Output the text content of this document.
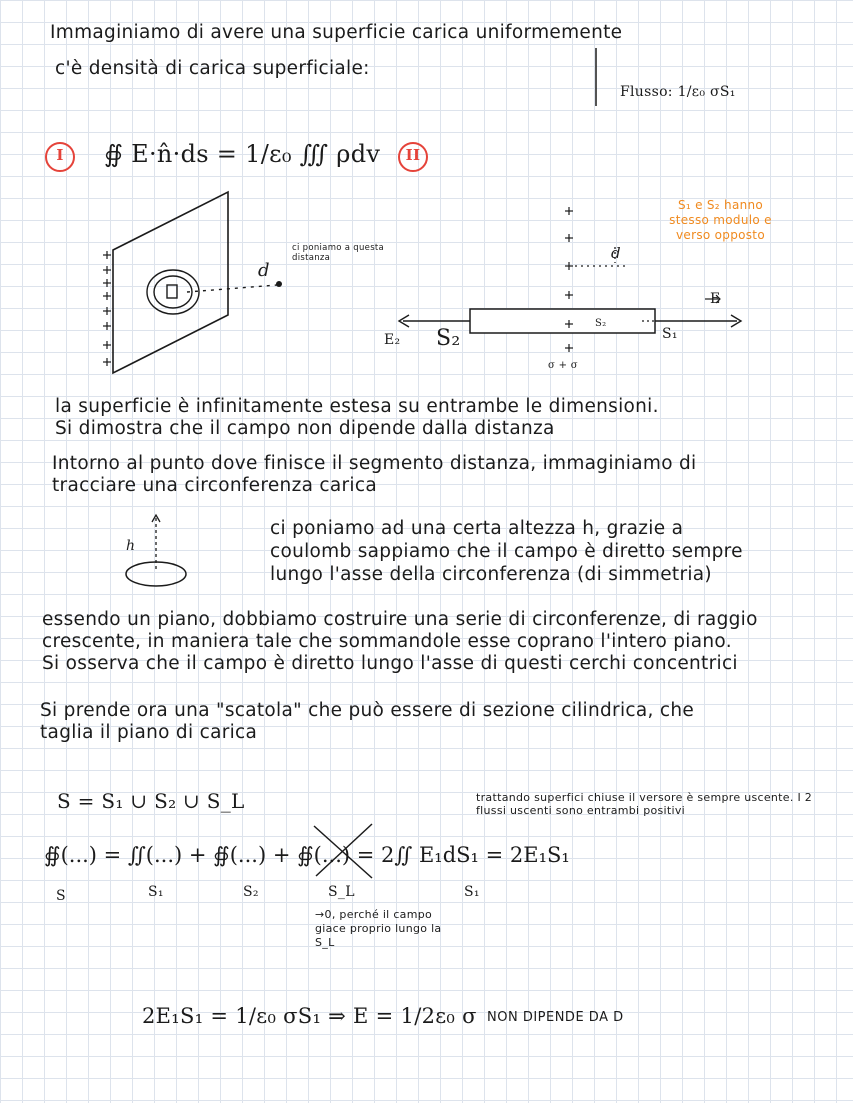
Immaginiamo di avere una superficie carica uniformemente
c'è densità di carica superficiale:
Flusso: 1/ε₀ σS₁
I	∯ E·n̂·ds = 1/ε₀ ∭ ρdv	II
d
ci poniamo a questa distanza
E
d
E₂ S₂
S₂
S₁
σ + σ
S₁ e S₂ hanno stesso modulo e verso opposto
la superficie è infinitamente estesa su entrambe le dimensioni.
Si dimostra che il campo non dipende dalla distanza
Intorno al punto dove finisce il segmento distanza, immaginiamo di
tracciare una circonferenza carica
h
ci poniamo ad una certa altezza h, grazie a
coulomb sappiamo che il campo è diretto sempre
lungo l'asse della circonferenza (di simmetria)
essendo un piano, dobbiamo costruire una serie di circonferenze, di raggio
crescente, in maniera tale che sommandole esse coprano l'intero piano.
Si osserva che il campo è diretto lungo l'asse di questi cerchi concentrici
Si prende ora una "scatola" che può essere di sezione cilindrica, che
taglia il piano di carica
S = S₁ ∪ S₂ ∪ S_L	trattando superfici chiuse il versore è sempre uscente. I 2 flussi uscenti sono entrambi positivi
∯(...) = ∬(...) + ∯(...) + ∯(...) = 2∬ E₁dS₁ = 2E₁S₁
S	S₁	S₂	S_L	S₁
→0, perché il campo giace proprio lungo la S_L
2E₁S₁ = 1/ε₀ σS₁ ⇒ E = 1/2ε₀ σ NON DIPENDE DA D
